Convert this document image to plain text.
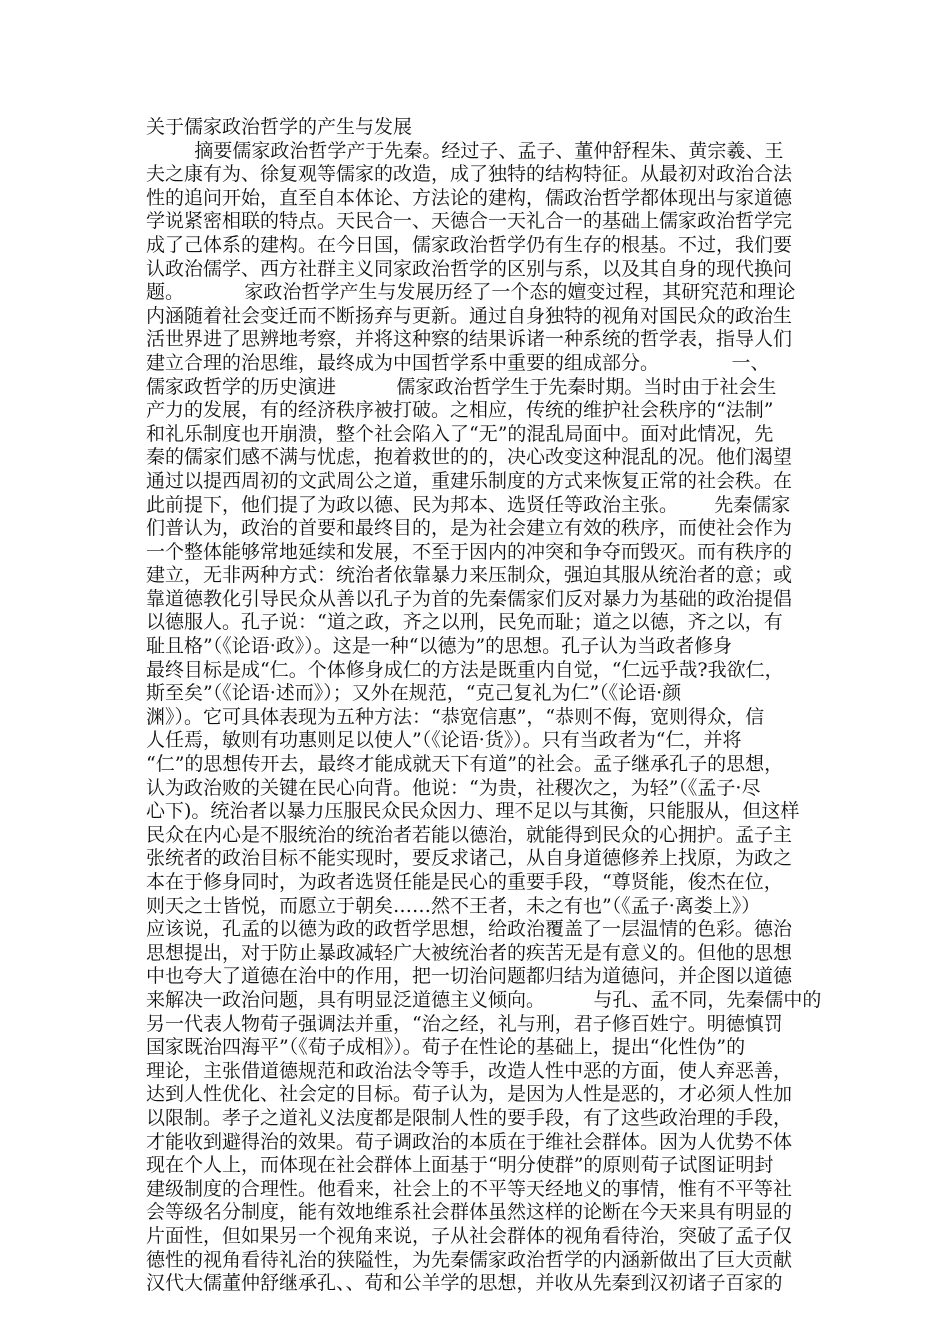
关于儒家政治哲学的产生与发展
摘要儒家政治哲学产于先秦。经过子、孟子、董仲舒程朱、黄宗羲、王
夫之康有为、徐复观等儒家的改造，成了独特的结构特征。从最初对政治合法
性的追问开始，直至自本体论、方法论的建构，儒政治哲学都体现出与家道德
学说紧密相联的特点。天民合一、天德合一天礼合一的基础上儒家政治哲学完
成了己体系的建构。在今日国，儒家政治哲学仍有生存的根基。不过，我们要
认政治儒学、西方社群主义同家政治哲学的区别与系，以及其自身的现代换问
题。          家政治哲学产生与发展历经了一个态的嬗变过程，其研究范和理论
内涵随着社会变迁而不断扬弃与更新。通过自身独特的视角对国民众的政治生
活世界进了思辨地考察，并将这种察的结果诉诸一种系统的哲学表，指导人们
建立合理的治思维，最终成为中国哲学系中重要的组成部分。            一、
儒家政哲学的历史演进          儒家政治哲学生于先秦时期。当时由于社会生
产力的发展，有的经济秩序被打破。之相应，传统的维护社会秩序的“法制”
和礼乐制度也开崩溃，整个社会陷入了“无”的混乱局面中。面对此情况，先
秦的儒家们感不满与忧虑，抱着救世的的，决心改变这种混乱的况。他们渴望
通过以提西周初的文武周公之道，重建乐制度的方式来恢复正常的社会秩。在
此前提下，他们提了为政以德、民为邦本、选贤任等政治主张。      先秦儒家
们普认为，政治的首要和最终目的，是为社会建立有效的秩序，而使社会作为
一个整体能够常地延续和发展，不至于因内的冲突和争夺而毁灭。而有秩序的
建立，无非两种方式：统治者依靠暴力来压制众，强迫其服从统治者的意；或
靠道德教化引导民众从善以孔子为首的先秦儒家们反对暴力为基础的政治提倡
以德服人。孔子说：“道之政，齐之以刑，民免而耻；道之以德，齐之以，有
耻且格”（《论语·政》）。这是一种“以德为”的思想。孔子认为当政者修身
最终目标是成“仁。个体修身成仁的方法是既重内自觉，“仁远乎哉?我欲仁，
斯至矣”（《论语·述而》）；又外在规范，“克己复礼为仁”（《论语·颜
渊》）。它可具体表现为五种方法：“恭宽信惠”，“恭则不侮，宽则得众，信
人任焉，敏则有功惠则足以使人”（《论语·货》）。只有当政者为“仁，并将
“仁”的思想传开去，最终才能成就天下有道”的社会。孟子继承孔子的思想，
认为政治败的关键在民心向背。他说：“为贵，社稷次之，为轻”（《孟子·尽
心下)。统治者以暴力压服民众民众因力、理不足以与其衡，只能服从，但这样
民众在内心是不服统治的统治者若能以德治，就能得到民众的心拥护。孟子主
张统者的政治目标不能实现时，要反求诸己，从自身道德修养上找原，为政之
本在于修身同时，为政者选贤任能是民心的重要手段，“尊贤能，俊杰在位，
则天之士皆悦，而愿立于朝矣……然不王者，未之有也”（《孟子·离娄上》）
应该说，孔孟的以德为政的政哲学思想，给政治覆盖了一层温情的色彩。德治
思想提出，对于防止暴政减轻广大被统治者的疾苦无是有意义的。但他的思想
中也夸大了道德在治中的作用，把一切治问题都归结为道德问，并企图以道德
来解决一政治问题，具有明显泛道德主义倾向。        与孔、孟不同，先秦儒中的
另一代表人物荀子强调法并重，“治之经，礼与刑，君子修百姓宁。明德慎罚
国家既治四海平”（《荀子成相》）。荀子在性论的基础上，提出“化性伪”的
理论，主张借道德规范和政治法令等手，改造人性中恶的方面，使人弃恶善，
达到人性优化、社会定的目标。荀子认为，是因为人性是恶的，才必须人性加
以限制。孝子之道礼义法度都是限制人性的要手段，有了这些政治理的手段，
才能收到避得治的效果。荀子调政治的本质在于维社会群体。因为人优势不体
现在个人上，而体现在社会群体上面基于“明分使群”的原则荀子试图证明封
建级制度的合理性。他看来，社会上的不平等天经地义的事情，惟有不平等社
会等级名分制度，能有效地维系社会群体虽然这样的论断在今天来具有明显的
片面性，但如果另一个视角来说，子从社会群体的视角看待治，突破了孟子仅
德性的视角看待礼治的狭隘性，为先秦儒家政治哲学的内涵新做出了巨大贡献
汉代大儒董仲舒继承孔、、荀和公羊学的思想，并收从先秦到汉初诸子百家的
